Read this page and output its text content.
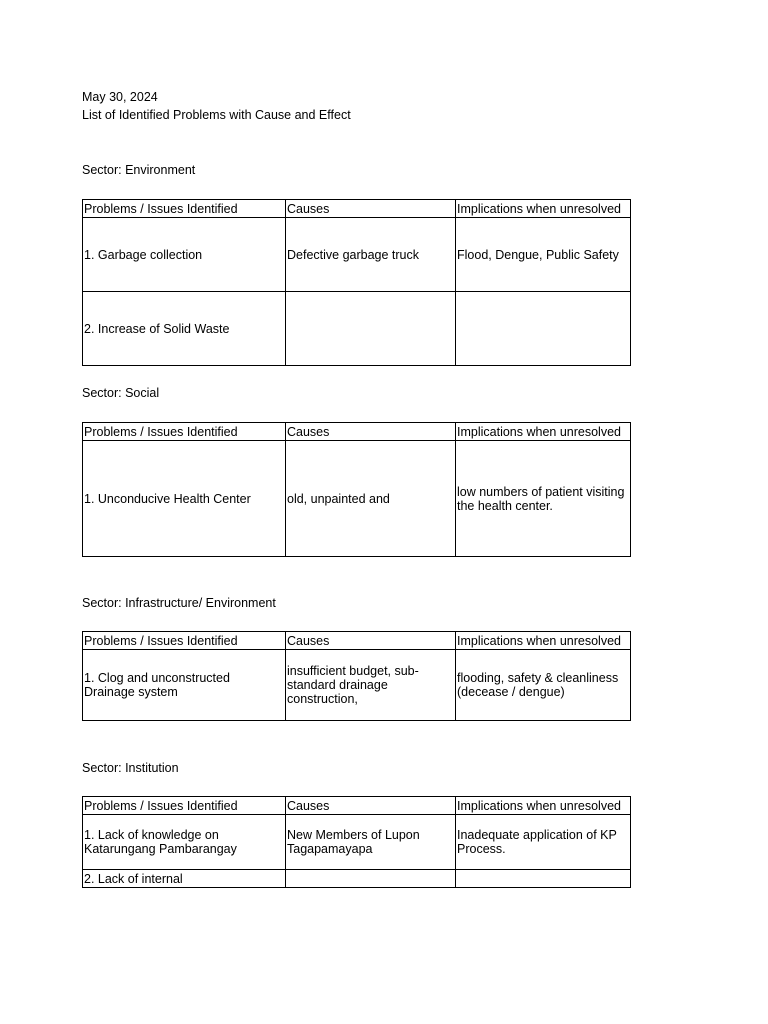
May 30, 2024
List of Identified Problems with Cause and Effect
Sector: Environment
Problems / Issues Identified	Causes	Implications when unresolved
1. Garbage collection	Defective garbage truck	Flood, Dengue, Public Safety
2. Increase of Solid Waste		
Sector: Social
Problems / Issues Identified	Causes	Implications when unresolved
1. Unconducive Health Center	old, unpainted and	low numbers of patient visiting the health center.
Sector: Infrastructure/ Environment
Problems / Issues Identified	Causes	Implications when unresolved
1. Clog and unconstructed Drainage system	insufficient budget, sub-standard drainage construction,	flooding, safety & cleanliness (decease / dengue)
Sector: Institution
Problems / Issues Identified	Causes	Implications when unresolved
1. Lack of knowledge on Katarungang Pambarangay	New Members of Lupon Tagapamayapa	Inadequate application of KP Process.
2. Lack of internal		
